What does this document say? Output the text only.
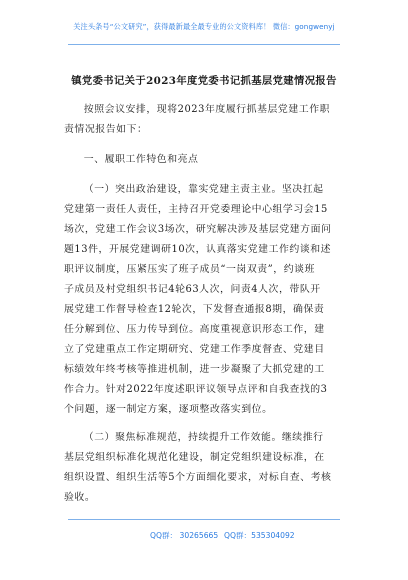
关注头条号“公文研究”，获得最新最全最专业的公文资料库！ 微信：gongwenyj
镇党委书记关于2023年度党委书记抓基层党建情况报告

按照会议安排，现将2023年度履行抓基层党建工作职

责情况报告如下：

一、履职工作特色和亮点

（一）突出政治建设，靠实党建主责主业。坚决扛起

党建第一责任人责任，主持召开党委理论中心组学习会15

场次，党建工作会议3场次，研究解决涉及基层党建方面问

题13件，开展党建调研10次，认真落实党建工作约谈和述

职评议制度，压紧压实了班子成员“一岗双责”，约谈班

子成员及村党组织书记4轮63人次，问责4人次，带队开

展党建工作督导检查12轮次，下发督查通报8期，确保责

任分解到位、压力传导到位。高度重视意识形态工作，建

立了党建重点工作定期研究、党建工作季度督查、党建目

标绩效年终考核等推进机制，进一步凝聚了大抓党建的工

作合力。针对2022年度述职评议领导点评和自我查找的3

个问题，逐一制定方案，逐项整改落实到位。

（二）聚焦标准规范，持续提升工作效能。继续推行

基层党组织标准化规范化建设，制定党组织建设标准，在

组织设置、组织生活等5个方面细化要求，对标自查、考核

验收。

QQ群： 30265665 QQ群：535304092
